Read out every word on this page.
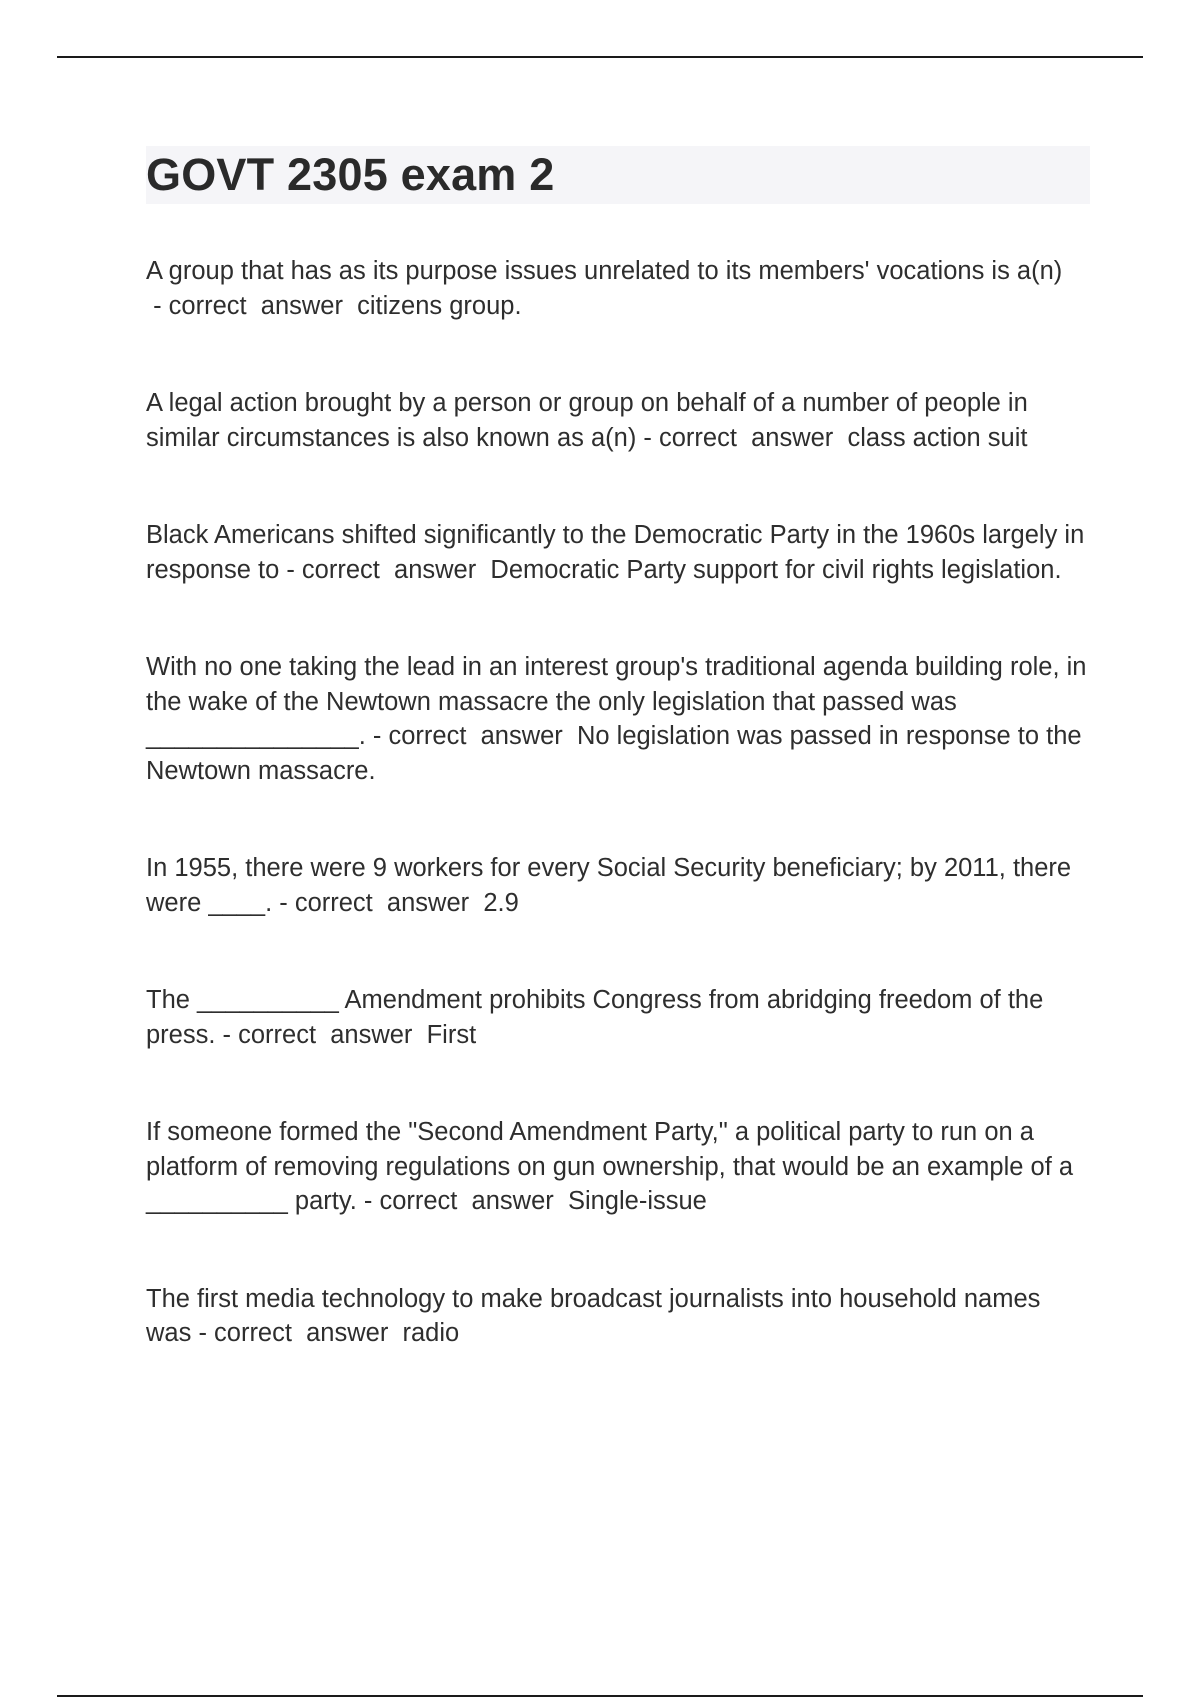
GOVT 2305 exam 2

A group that has as its purpose issues unrelated to its members' vocations is a(n) - correct  answer  citizens group.

A legal action brought by a person or group on behalf of a number of people in similar circumstances is also known as a(n) - correct  answer  class action suit

Black Americans shifted significantly to the Democratic Party in the 1960s largely in response to - correct  answer  Democratic Party support for civil rights legislation.

With no one taking the lead in an interest group's traditional agenda building role, in the wake of the Newtown massacre the only legislation that passed was _______________. - correct  answer  No legislation was passed in response to the Newtown massacre.

In 1955, there were 9 workers for every Social Security beneficiary; by 2011, there were ____. - correct  answer  2.9

The __________ Amendment prohibits Congress from abridging freedom of the press. - correct  answer  First

If someone formed the "Second Amendment Party," a political party to run on a platform of removing regulations on gun ownership, that would be an example of a __________ party. - correct  answer  Single-issue

The first media technology to make broadcast journalists into household names was - correct  answer  radio
